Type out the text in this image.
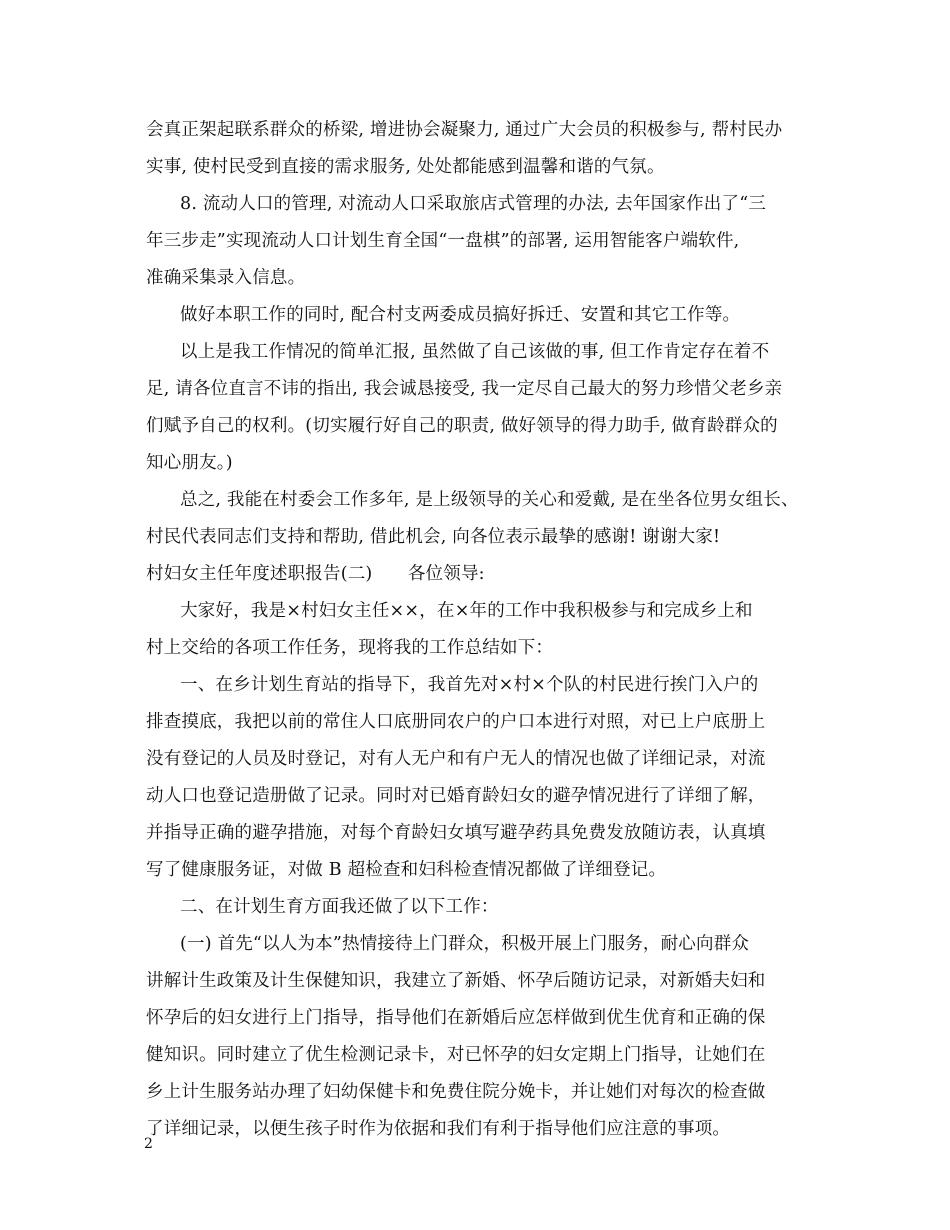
会真正架起联系群众的桥梁, 增进协会凝聚力, 通过广大会员的积极参与, 帮村民办
实事, 使村民受到直接的需求服务, 处处都能感到温馨和谐的气氛。
8. 流动人口的管理, 对流动人口采取旅店式管理的办法, 去年国家作出了“三
年三步走”实现流动人口计划生育全国“一盘棋”的部署, 运用智能客户端软件,
准确采集录入信息。
做好本职工作的同时, 配合村支两委成员搞好拆迁、安置和其它工作等。
以上是我工作情况的简单汇报, 虽然做了自己该做的事, 但工作肯定存在着不
足, 请各位直言不讳的指出, 我会诚恳接受, 我一定尽自己最大的努力珍惜父老乡亲
们赋予自己的权利。(切实履行好自己的职责, 做好领导的得力助手, 做育龄群众的
知心朋友。)
总之, 我能在村委会工作多年, 是上级领导的关心和爱戴, 是在坐各位男女组长、
村民代表同志们支持和帮助, 借此机会, 向各位表示最挚的感谢! 谢谢大家!
村妇女主任年度述职报告(二)　　各位领导:
大家好，我是×村妇女主任××，在×年的工作中我积极参与和完成乡上和
村上交给的各项工作任务，现将我的工作总结如下：
一、在乡计划生育站的指导下，我首先对×村×个队的村民进行挨门入户的
排查摸底，我把以前的常住人口底册同农户的户口本进行对照，对已上户底册上
没有登记的人员及时登记，对有人无户和有户无人的情况也做了详细记录，对流
动人口也登记造册做了记录。同时对已婚育龄妇女的避孕情况进行了详细了解，
并指导正确的避孕措施，对每个育龄妇女填写避孕药具免费发放随访表，认真填
写了健康服务证，对做 B 超检查和妇科检查情况都做了详细登记。
二、在计划生育方面我还做了以下工作：
(一) 首先“以人为本”热情接待上门群众，积极开展上门服务，耐心向群众
讲解计生政策及计生保健知识，我建立了新婚、怀孕后随访记录，对新婚夫妇和
怀孕后的妇女进行上门指导，指导他们在新婚后应怎样做到优生优育和正确的保
健知识。同时建立了优生检测记录卡，对已怀孕的妇女定期上门指导，让她们在
乡上计生服务站办理了妇幼保健卡和免费住院分娩卡，并让她们对每次的检查做
了详细记录，以便生孩子时作为依据和我们有利于指导他们应注意的事项。
2
